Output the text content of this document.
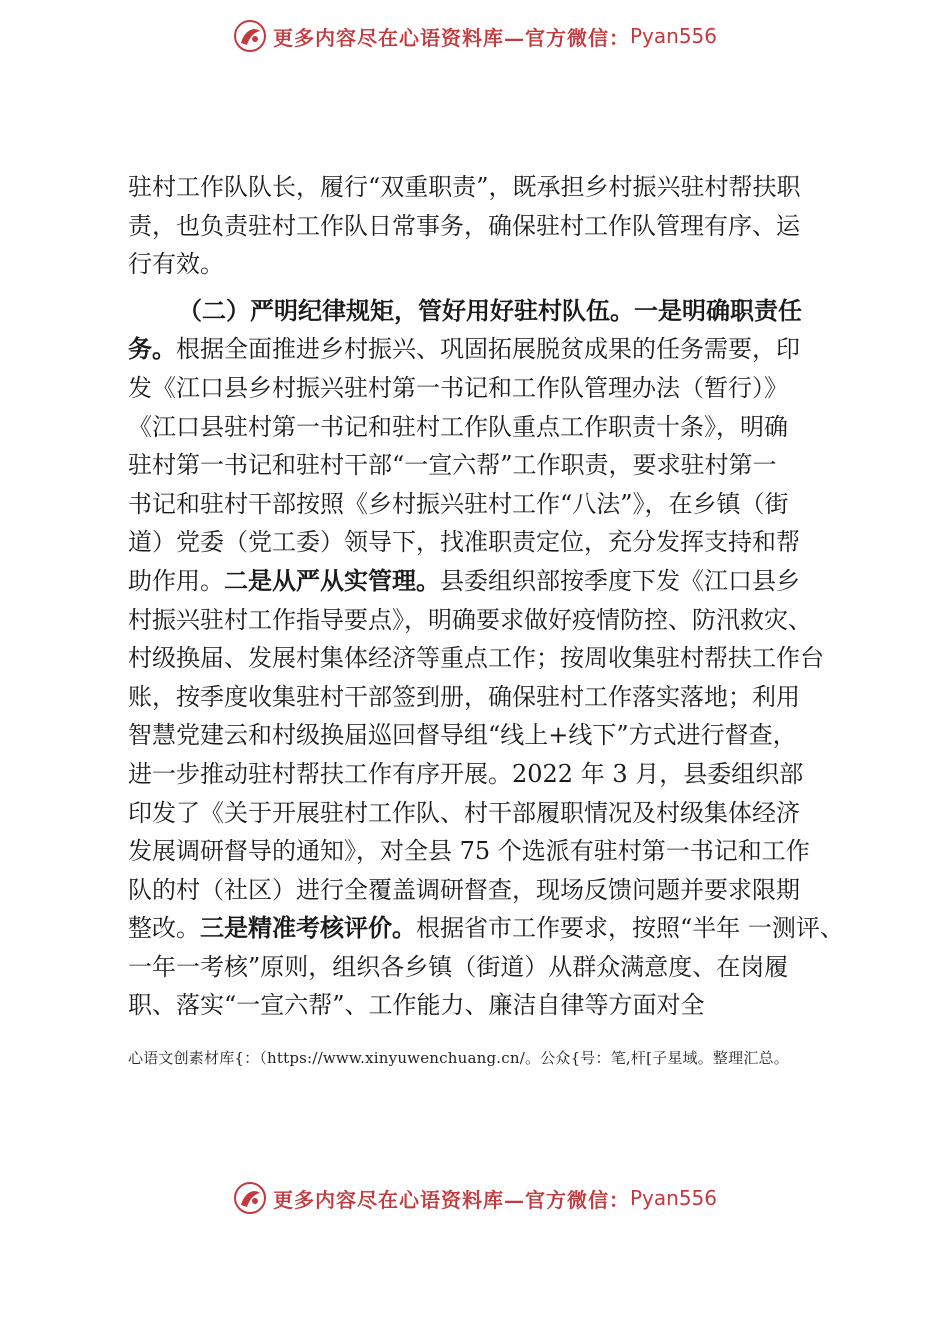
更多内容尽在心语资料库—官方微信： Pyan556
驻村工作队队长，履行“双重职责”，既承担乡村振兴驻村帮扶职
责，也负责驻村工作队日常事务，确保驻村工作队管理有序、运
行有效。
（二）严明纪律规矩，管好用好驻村队伍。一是明确职责任
务。 根据全面推进乡村振兴、巩固拓展脱贫成果的任务需要，印
发《江口县乡村振兴驻村第一书记和工作队管理办法（暂行）》
《江口县驻村第一书记和驻村工作队重点工作职责十条》，明确
驻村第一书记和驻村干部“一宣六帮”工作职责，要求驻村第一
书记和驻村干部按照《乡村振兴驻村工作“八法”》，在乡镇（街
道）党委（党工委）领导下，找准职责定位，充分发挥支持和帮
助作用。 二是从严从实管理。 县委组织部按季度下发《江口县乡
村振兴驻村工作指导要点》，明确要求做好疫情防控、防汛救灾、
村级换届、发展村集体经济等重点工作；按周收集驻村帮扶工作台
账，按季度收集驻村干部签到册，确保驻村工作落实落地；利用
智慧党建云和村级换届巡回督导组“线上+线下”方式进行督查，
进一步推动驻村帮扶工作有序开展。2022 年 3 月，县委组织部
印发了《关于开展驻村工作队、村干部履职情况及村级集体经济
发展调研督导的通知》，对全县 75 个选派有驻村第一书记和工作
队的村（社区）进行全覆盖调研督查，现场反馈问题并要求限期
整改。 三是精准考核评价。 根据省市工作要求，按照“半年 一测评、
一年一考核”原则，组织各乡镇（街道）从群众满意度、在岗履
职、落实“一宣六帮”、工作能力、廉洁自律等方面对全
心语文创素材库{：（https://www.xinyuwenchuang.cn/。公众{号：笔,杆[子星域。整理汇总。
更多内容尽在心语资料库—官方微信： Pyan556
